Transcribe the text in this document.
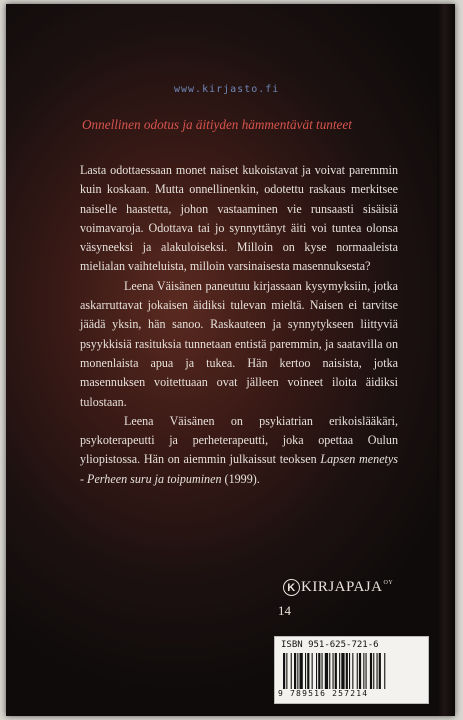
www.kirjasto.fi
Onnellinen odotus ja äitiyden hämmentävät tunteet

Lasta odottaessaan monet naiset kukoistavat ja voivat paremmin kuin koskaan. Mutta onnellinenkin, odotettu raskaus merkitsee naiselle haastetta, johon vastaaminen vie runsaasti sisäisiä voimavaroja. Odottava tai jo synnyttänyt äiti voi tuntea olonsa väsyneeksi ja alakuloiseksi. Milloin on kyse normaaleista mielialan vaihteluista, milloin varsinaisesta masennuksesta?

Leena Väisänen paneutuu kirjassaan kysymyksiin, jotka askarruttavat jokaisen äidiksi tulevan mieltä. Naisen ei tarvitse jäädä yksin, hän sanoo. Raskauteen ja synnytykseen liittyviä psyykkisiä rasituksia tunnetaan entistä paremmin, ja saatavilla on monenlaista apua ja tukea. Hän kertoo naisista, jotka masennuksen voitettuaan ovat jälleen voineet iloita äidiksi tulostaan.

Leena Väisänen on psykiatrian erikoislääkäri, psykoterapeutti ja perheterapeutti, joka opettaa Oulun yliopistossa. Hän on aiemmin julkaissut teoksen Lapsen menetys - Perheen suru ja toipuminen (1999).

K KIRJAPAJA OY
14
ISBN 951-625-721-6
9 789516 257214
